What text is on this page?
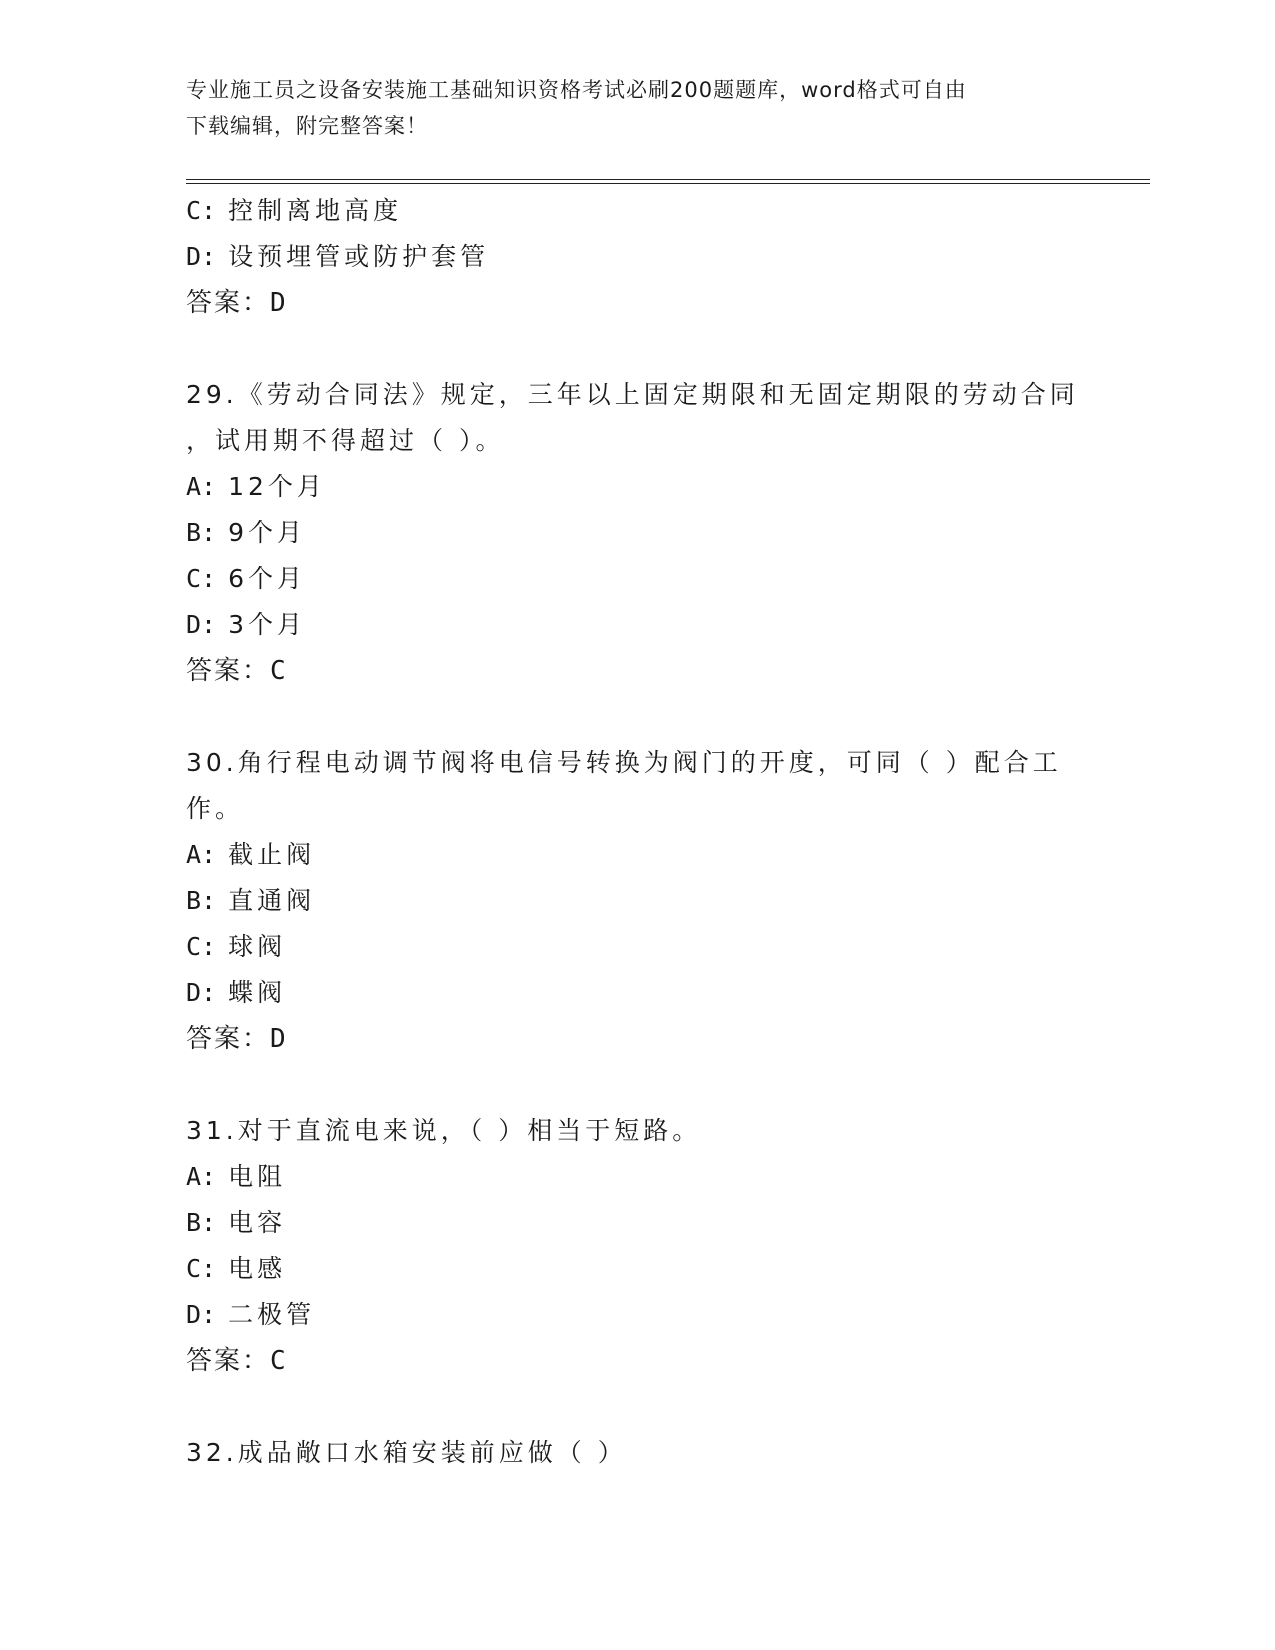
专业施工员之设备安装施工基础知识资格考试必刷200题题库，word格式可自由
下载编辑，附完整答案！
C: 控制离地高度
D: 设预埋管或防护套管
答案：D
29.《劳动合同法》规定，三年以上固定期限和无固定期限的劳动合同
，试用期不得超过（ ）。
A: 12个月
B: 9个月
C: 6个月
D: 3个月
答案：C
30.角行程电动调节阀将电信号转换为阀门的开度，可同（ ）配合工
作。
A: 截止阀
B: 直通阀
C: 球阀
D: 蝶阀
答案：D
31.对于直流电来说，（ ）相当于短路。
A: 电阻
B: 电容
C: 电感
D: 二极管
答案：C
32.成品敞口水箱安装前应做（ ）
